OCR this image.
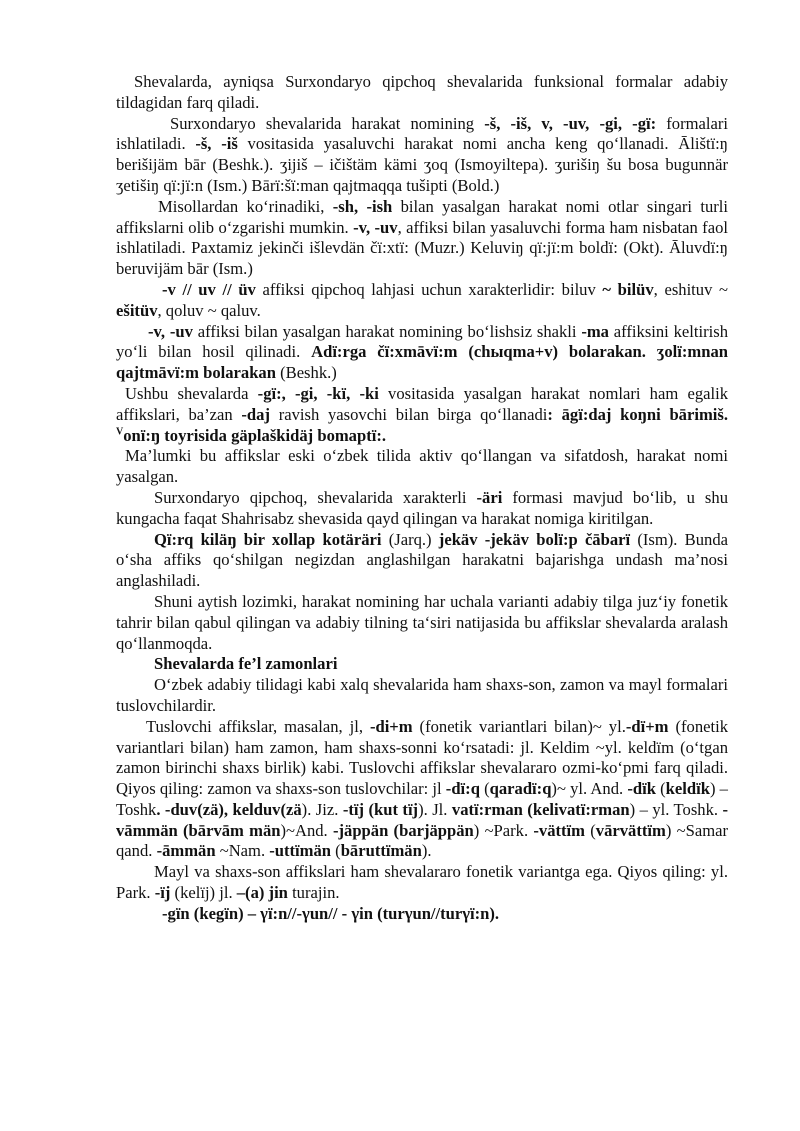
Shevalarda, ayniqsa Surxondaryo qipchoq shevalarida funksional formalar adabiy tildagidan farq qiladi.

Surxondaryo shevalarida harakat nomining -š, -iš, v, -uv, -gi, -gï: formalari ishlatiladi. -š, -iš vositasida yasaluvchi harakat nomi ancha keng qo‘llanadi. Ālištï:ŋ berišijäm bār (Beshk.). ʒijiš – ičištäm kämi ʒoq (Ismoyiltepa). ʒurišiŋ šu bosa bugunnär ʒetišiŋ qï:jï:n (Ism.) Bārï:šï:man qajtmaqqa tušipti (Bold.)

Misollardan ko‘rinadiki, -sh, -ish bilan yasalgan harakat nomi otlar singari turli affikslarni olib o‘zgarishi mumkin. -v, -uv, affiksi bilan yasaluvchi forma ham nisbatan faol ishlatiladi. Paxtamiz jekinči išlevdän čï:xtï: (Muzr.) Keluviŋ qï:jï:m boldï: (Okt). Āluvdï:ŋ beruvijäm bār (Ism.)

-v // uv // üv affiksi qipchoq lahjasi uchun xarakterlidir: biluv ~ bilüv, eshituv ~ ešitüv, qoluv ~ qaluv.

-v, -uv affiksi bilan yasalgan harakat nomining bo‘lishsiz shakli -ma affiksini keltirish yo‘li bilan hosil qilinadi. Adï:rga čï:xmāvï:m (chыqma+v) bolarakan. ʒolï:mnan qajtmāvï:m bolarakan (Beshk.)

Ushbu shevalarda -gï:, -gi, -kï, -ki vositasida yasalgan harakat nomlari ham egalik affikslari, ba’zan -daj ravish yasovchi bilan birga qo‘llanadi: āgï:daj koŋni bārimiš. $^V$onï:ŋ toyrisida gäplaškidäj bomaptï:.

Ma’lumki bu affikslar eski o‘zbek tilida aktiv qo‘llangan va sifatdosh, harakat nomi yasalgan.

Surxondaryo qipchoq, shevalarida xarakterli -äri formasi mavjud bo‘lib, u shu kungacha faqat Shahrisabz shevasida qayd qilingan va harakat nomiga kiritilgan.

Qï:rq kiläŋ bir xollap kotäräri (Jarq.) jekäv -jekäv bolï:p čābarï (Ism). Bunda o‘sha affiks qo‘shilgan negizdan anglashilgan harakatni bajarishga undash ma’nosi anglashiladi.

Shuni aytish lozimki, harakat nomining har uchala varianti adabiy tilga juz‘iy fonetik tahrir bilan qabul qilingan va adabiy tilning ta‘siri natijasida bu affikslar shevalarda aralash qo‘llanmoqda.

Shevalarda fe’l zamonlari

O‘zbek adabiy tilidagi kabi xalq shevalarida ham shaxs-son, zamon va mayl formalari tuslovchilardir.

Tuslovchi affikslar, masalan, jl, -di+m (fonetik variantlari bilan)~ yl.-dï+m (fonetik variantlari bilan) ham zamon, ham shaxs-sonni ko‘rsatadi: jl. Keldim ~yl. keldïm (o‘tgan zamon birinchi shaxs birlik) kabi. Tuslovchi affikslar shevalararo ozmi-ko‘pmi farq qiladi. Qiyos qiling: zamon va shaxs-son tuslovchilar: jl -dï:q (qaradï:q)~ yl. And. -dïk (keldïk) – Toshk. -duv(zä), kelduv(zä). Jiz. -tïj (kut tïj). Jl. vatï:rman (kelivatï:rman) – yl. Toshk. -vāmmän (bārvām män)~And. -jäppän (barjäppän) ~Park. -vättïm (vārvättïm) ~Samar qand. -āmmän ~Nam. -uttïmän (bāruttïmän).

Mayl va shaxs-son affikslari ham shevalararo fonetik variantga ega. Qiyos qiling: yl. Park. -ïj (kelïj) jl. –(a) jin turajin.

-gïn (kegïn) – γï:n//-γun// - γin (turγun//turγï:n).
